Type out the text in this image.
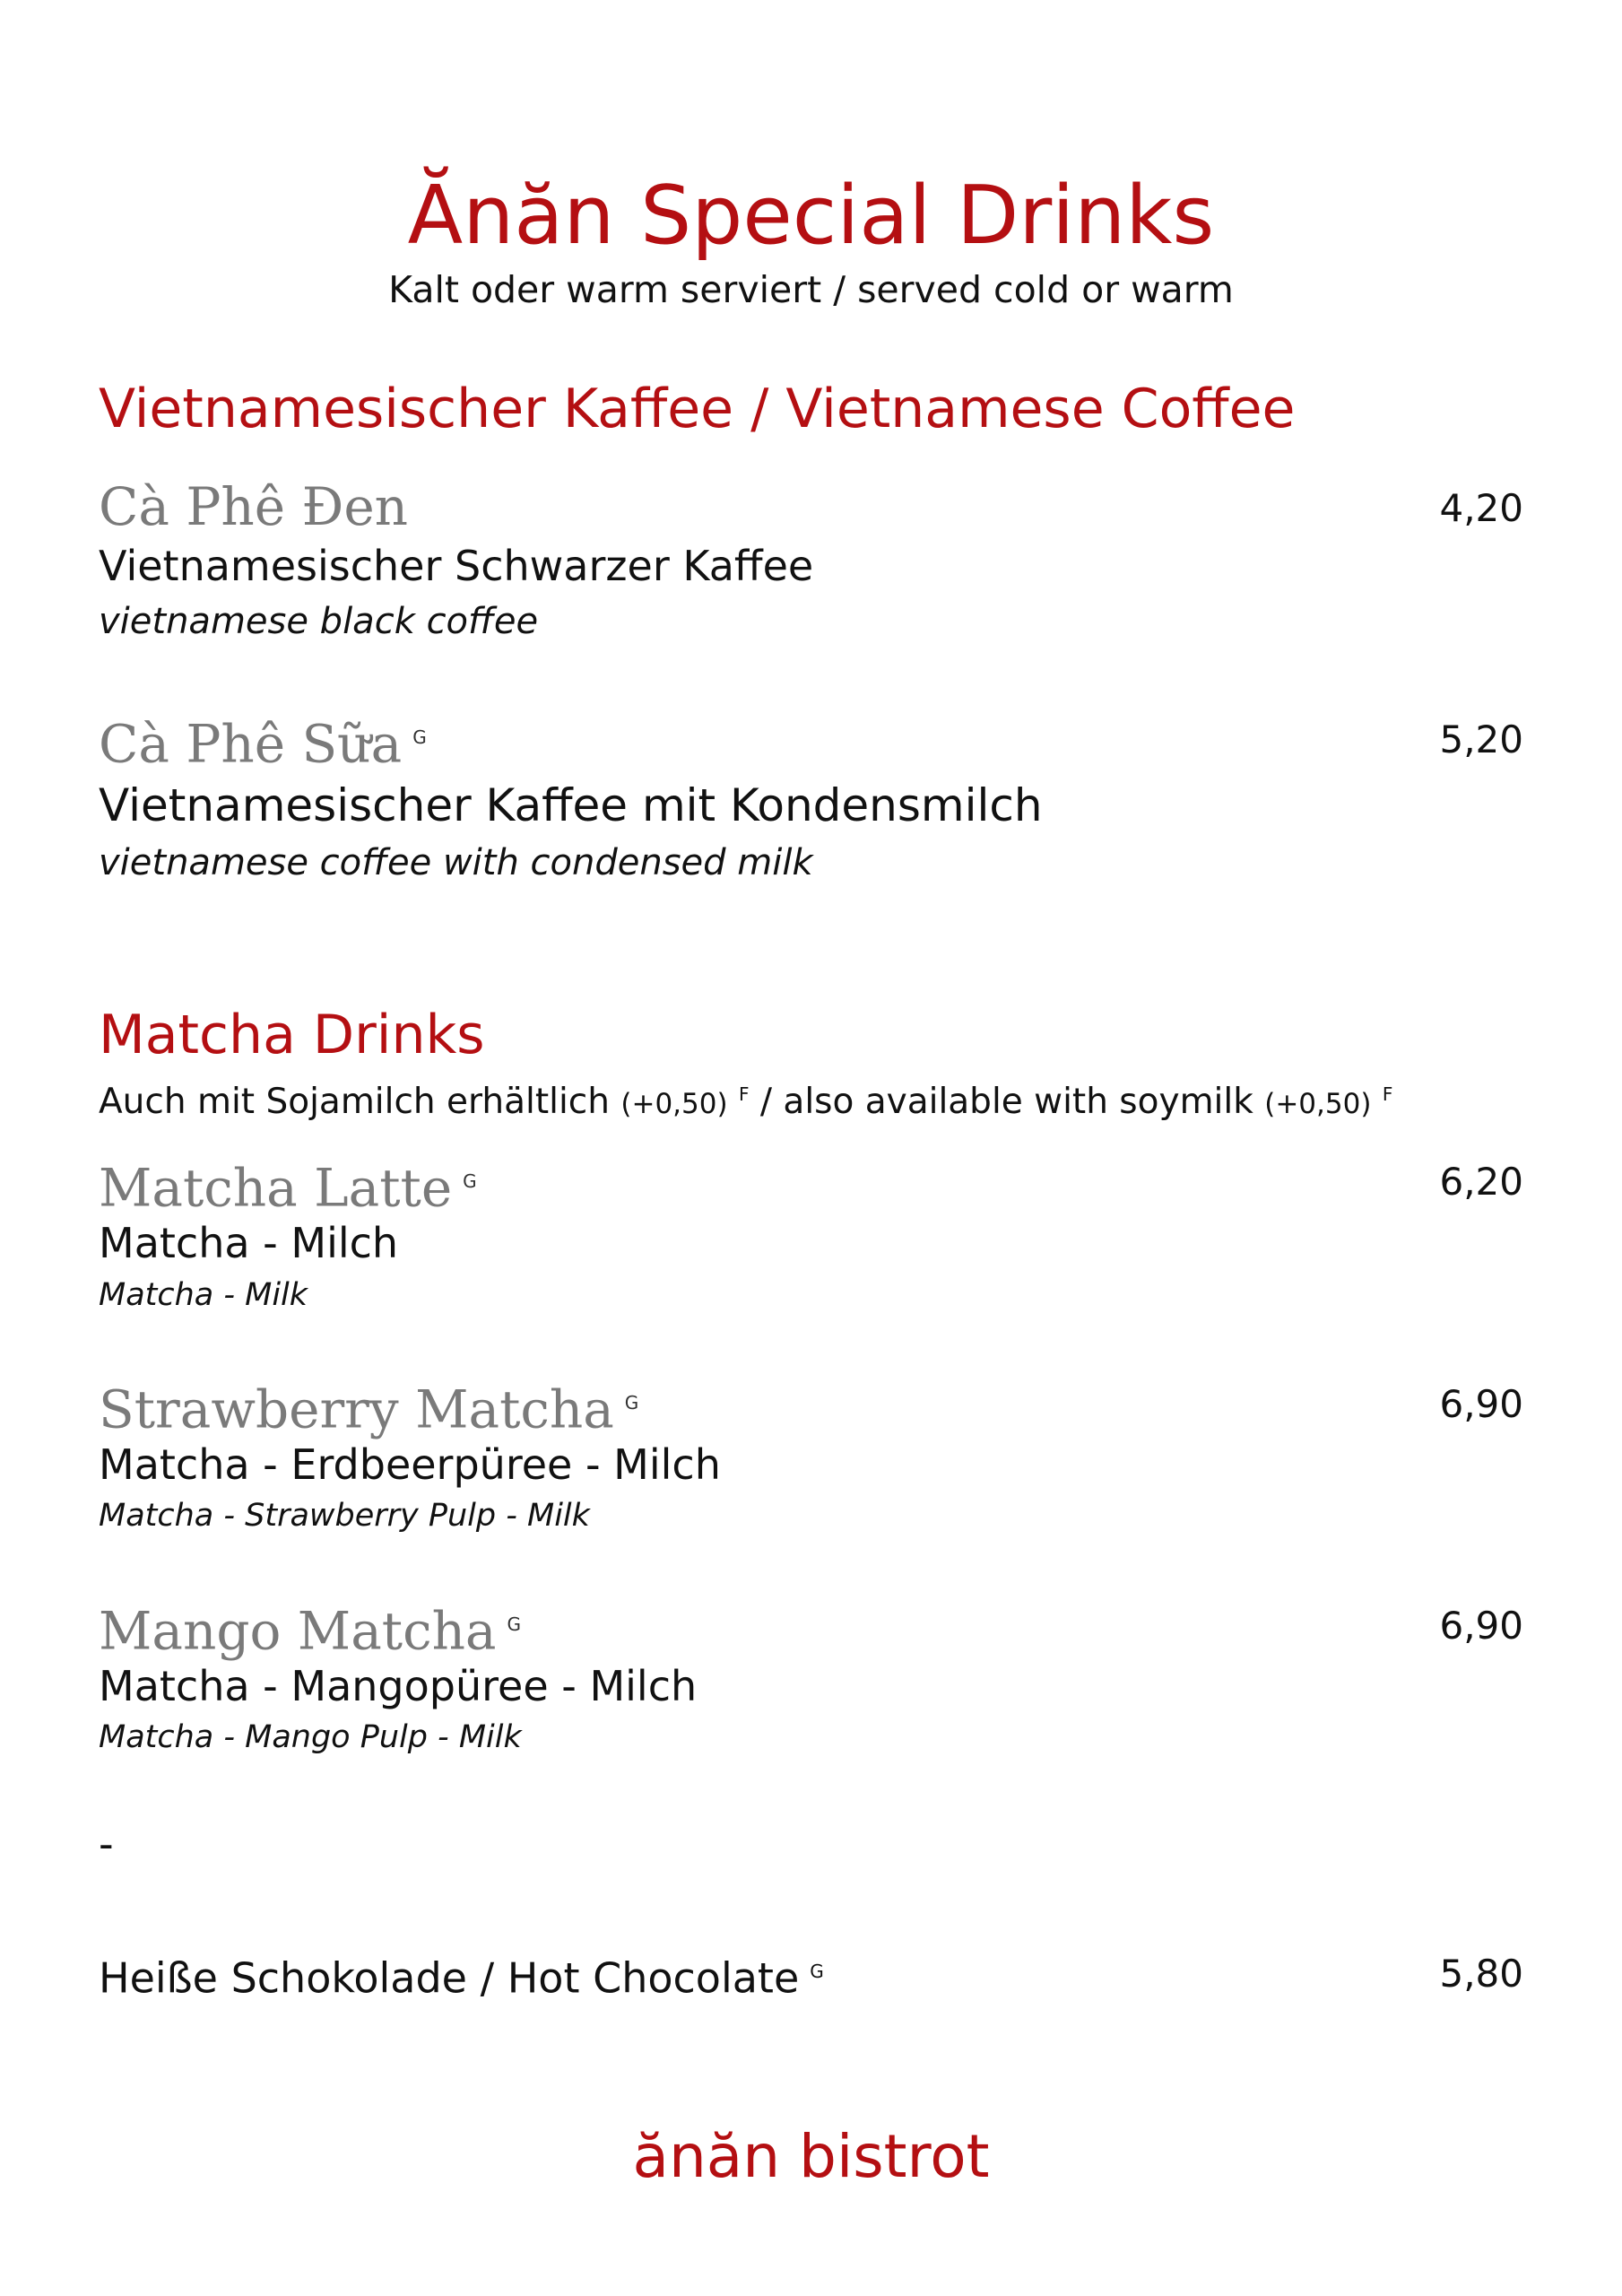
Ănăn Special Drinks
Kalt oder warm serviert / served cold or warm
Vietnamesischer Kaffee / Vietnamese Coffee
Cà Phê Đen	4,20
Vietnamesischer Schwarzer Kaffee
vietnamese black coffee
Cà Phê Sữa $^G$	5,20
Vietnamesischer Kaffee mit Kondensmilch
vietnamese coffee with condensed milk
Matcha Drinks
Auch mit Sojamilch erhältlich (+0,50) $^F$ / also available with soymilk (+0,50) $^F$
Matcha Latte $^G$	6,20
Matcha - Milch
Matcha - Milk
Strawberry Matcha $^G$	6,90
Matcha - Erdbeerpüree - Milch
Matcha - Strawberry Pulp - Milk
Mango Matcha $^G$	6,90
Matcha - Mangopüree - Milch
Matcha - Mango Pulp - Milk
-
Heiße Schokolade / Hot Chocolate $^G$	5,80
ănăn bistrot
